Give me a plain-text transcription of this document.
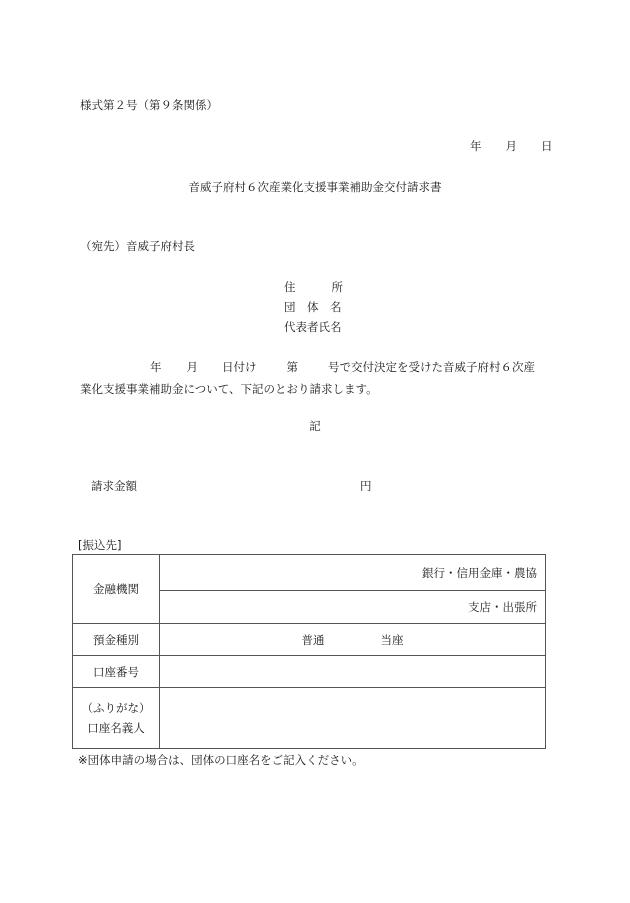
様式第２号（第９条関係）
年 月 日
音威子府村６次産業化支援事業補助金交付請求書
（宛先）音威子府村長
住	所
団　体　名
代表者氏名
年 月 日付け	第	号で交付決定を受けた音威子府村６次産
業化支援事業補助金について、下記のとおり請求します。
記
請求金額	円
[振込先]
金融機関	銀行・信用金庫・農協
	支店・出張所
預金種別	普通 当座
口座番号	

（ふりがな）
口座名義人	

※団体申請の場合は、団体の口座名をご記入ください。
